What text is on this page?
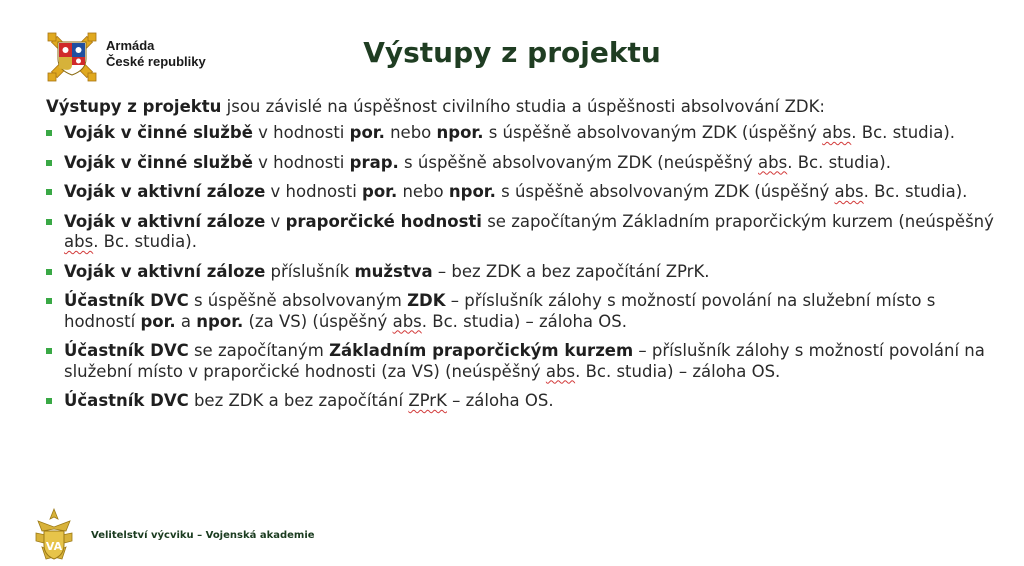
Armáda
České republiky	Výstupy z projektu

Výstupy z projektu jsou závislé na úspěšnost civilního studia a úspěšnosti absolvování ZDK:

Voják v činné službě v hodnosti por. nebo npor. s úspěšně absolvovaným ZDK (úspěšný abs. Bc. studia).
Voják v činné službě v hodnosti prap. s úspěšně absolvovaným ZDK (neúspěšný abs. Bc. studia).
Voják v aktivní záloze v hodnosti por. nebo npor. s úspěšně absolvovaným ZDK (úspěšný abs. Bc. studia).
Voják v aktivní záloze v praporčické hodnosti se započítaným Základním praporčickým kurzem (neúspěšný abs. Bc. studia).
Voják v aktivní záloze příslušník mužstva – bez ZDK a bez započítání ZPrK.
Účastník DVC s úspěšně absolvovaným ZDK – příslušník zálohy s možností povolání na služební místo s hodností por. a npor. (za VS) (úspěšný abs. Bc. studia) – záloha OS.
Účastník DVC se započítaným Základním praporčickým kurzem – příslušník zálohy s možností povolání na služební místo v praporčické hodnosti (za VS) (neúspěšný abs. Bc. studia) – záloha OS.
Účastník DVC bez ZDK a bez započítání ZPrK – záloha OS.
VA
Velitelství výcviku – Vojenská akademie
